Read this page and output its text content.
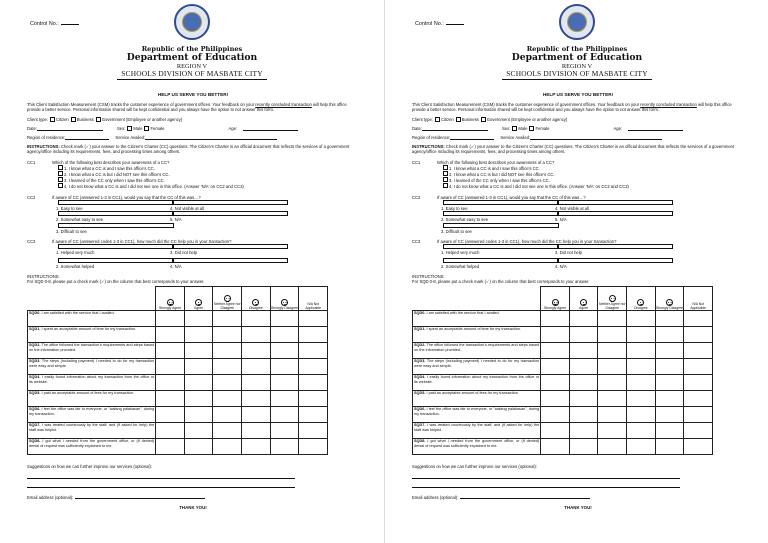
Control No.:
Republic of the Philippines
Department of Education
REGION V
SCHOOLS DIVISION OF MASBATE CITY
HELP US SERVE YOU BETTER!
This Client Satisfaction Measurement (CSM) tracks the customer experience of government offices. Your feedback on your recently concluded transaction will help this office provide a better service. Personal information shared will be kept confidential and you always have the option to not answer this form.
Client type: Citizen Business Government (Employee or another agency)
Date:	Sex: Male Female	Age:
Region of residence:	Service Availed:
INSTRUCTIONS: Check mark (✓) your answer to the Citizen's Charter (CC) questions. The Citizen's Charter is an official document that reflects the services of a government agency/office including its requirements, fees, and processing times among others.
CC1	Which of the following best describes your awareness of a CC?
1. I know what a CC is and I saw this office's CC.
2. I know what a CC is but I did NOT see this office's CC.
3. I learned of the CC only when I saw this office's CC.
4. I do not know what a CC is and I did not see one in this office. (Answer 'N/A' on CC2 and CC3)
CC2	If aware of CC (answered 1-3 in CC1), would you say that the CC of this was…?
1. Easy to see	4. Not visible at all
2. Somewhat easy to see	5. N/A
3. Difficult to see
CC3	If aware of CC (answered codes 1-3 in CC1), how much did the CC help you in your transaction?
1. Helped very much	3. Did not help
2. Somewhat helped	4. N/A
INSTRUCTIONS:
For SQD 0-8, please put a check mark (✓) on the column that best corresponds to your answer.

Strongly Agree	Agree	Neither Agree nor Disagree	Disagree	Strongly Disagree	N/A Not Applicable
SQD0. I am satisfied with the service that I availed.						
SQD1. I spent an acceptable amount of time for my transaction.						
SQD2. The office followed the transaction's requirements and steps based on the information provided.						
SQD3. The steps (including payment) I needed to do for my transaction were easy and simple.						
SQD4. I easily found information about my transaction from the office or its website.						
SQD5. I paid an acceptable amount of fees for my transaction.						
SQD6. I feel the office was fair to everyone, or "walang palakasan", during my transaction.						
SQD7. I was treated courteously by the staff, and (if asked for help) the staff was helpful.						
SQD8. I got what I needed from the government office, or (if denied) denial of request was sufficiently explained to me.						
Suggestions on how we can further improve our services (optional):
Email address (optional):
THANK YOU!
Control No.:
Republic of the Philippines
Department of Education
REGION V
SCHOOLS DIVISION OF MASBATE CITY
HELP US SERVE YOU BETTER!
This Client Satisfaction Measurement (CSM) tracks the customer experience of government offices. Your feedback on your recently concluded transaction will help this office provide a better service. Personal information shared will be kept confidential and you always have the option to not answer this form.
Client type: Citizen Business Government (Employee or another agency)
Date:	Sex: Male Female	Age:
Region of residence:	Service Availed:
INSTRUCTIONS: Check mark (✓) your answer to the Citizen's Charter (CC) questions. The Citizen's Charter is an official document that reflects the services of a government agency/office including its requirements, fees, and processing times among others.
CC1	Which of the following best describes your awareness of a CC?
1. I know what a CC is and I saw this office's CC.
2. I know what a CC is but I did NOT see this office's CC.
3. I learned of the CC only when I saw this office's CC.
4. I do not know what a CC is and I did not see one in this office. (Answer 'N/A' on CC2 and CC3)
CC2	If aware of CC (answered 1-3 in CC1), would you say that the CC of this was…?
1. Easy to see	4. Not visible at all
2. Somewhat easy to see	5. N/A
3. Difficult to see
CC3	If aware of CC (answered codes 1-3 in CC1), how much did the CC help you in your transaction?
1. Helped very much	3. Did not help
2. Somewhat helped	4. N/A
INSTRUCTIONS:
For SQD 0-8, please put a check mark (✓) on the column that best corresponds to your answer.

Strongly Agree	Agree	Neither Agree nor Disagree	Disagree	Strongly Disagree	N/A Not Applicable
SQD0. I am satisfied with the service that I availed.						
SQD1. I spent an acceptable amount of time for my transaction.						
SQD2. The office followed the transaction's requirements and steps based on the information provided.						
SQD3. The steps (including payment) I needed to do for my transaction were easy and simple.						
SQD4. I easily found information about my transaction from the office or its website.						
SQD5. I paid an acceptable amount of fees for my transaction.						
SQD6. I feel the office was fair to everyone, or "walang palakasan", during my transaction.						
SQD7. I was treated courteously by the staff, and (if asked for help) the staff was helpful.						
SQD8. I got what I needed from the government office, or (if denied) denial of request was sufficiently explained to me.						
Suggestions on how we can further improve our services (optional):
Email address (optional):
THANK YOU!
